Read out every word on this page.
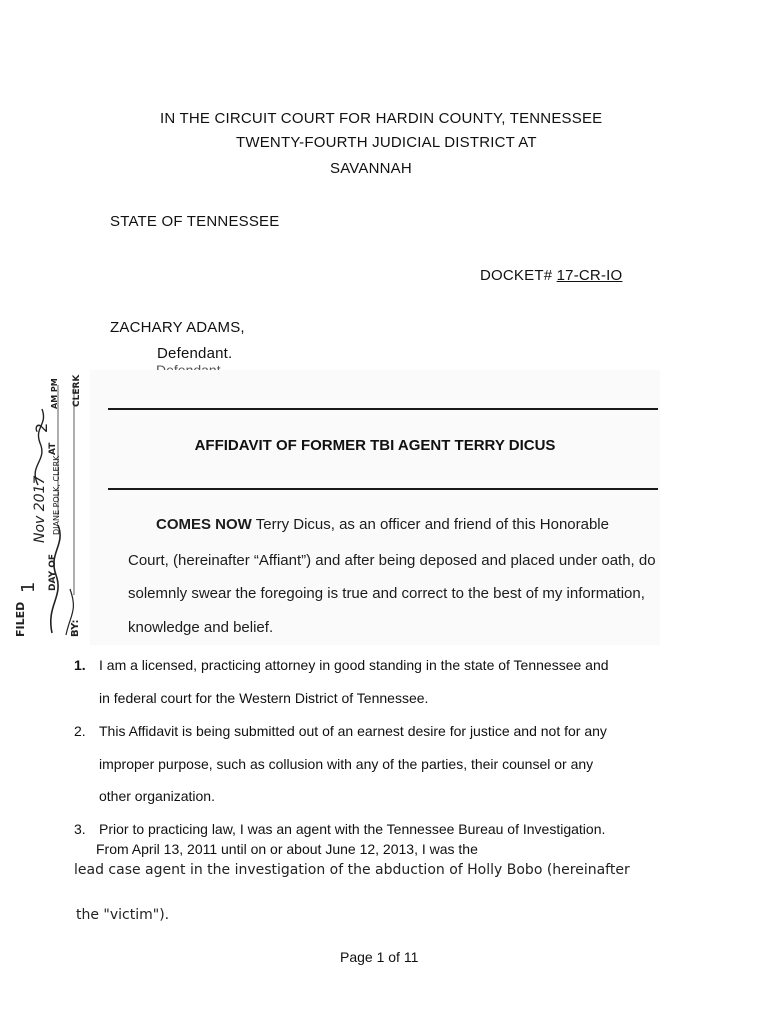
IN THE CIRCUIT COURT FOR HARDIN COUNTY, TENNESSEE
TWENTY-FOURTH JUDICIAL DISTRICT AT
SAVANNAH
STATE OF TENNESSEE
DOCKET# 17-CR-IO
ZACHARY ADAMS,
Defendant.
FILED
1 DAY OF
Nov 2017
AT
2
AM PM
DIANE POLK, CLERK
BY:
CLERK
AFFIDAVIT OF FORMER TBI AGENT TERRY DICUS
COMES NOW Terry Dicus, as an officer and friend of this Honorable
Court, (hereinafter “Affiant”) and after being deposed and placed under oath, do
solemnly swear the foregoing is true and correct to the best of my information,
knowledge and belief.
1. I am a licensed, practicing attorney in good standing in the state of Tennessee and
in federal court for the Western District of Tennessee.
2. This Affidavit is being submitted out of an earnest desire for justice and not for any
improper purpose, such as collusion with any of the parties, their counsel or any
other organization.
3. Prior to practicing law, I was an agent with the Tennessee Bureau of Investigation.
From April 13, 2011 until on or about June 12, 2013, I was the
lead case agent in the investigation of the abduction of Holly Bobo (hereinafter
the "victim").
Page 1 of 11
